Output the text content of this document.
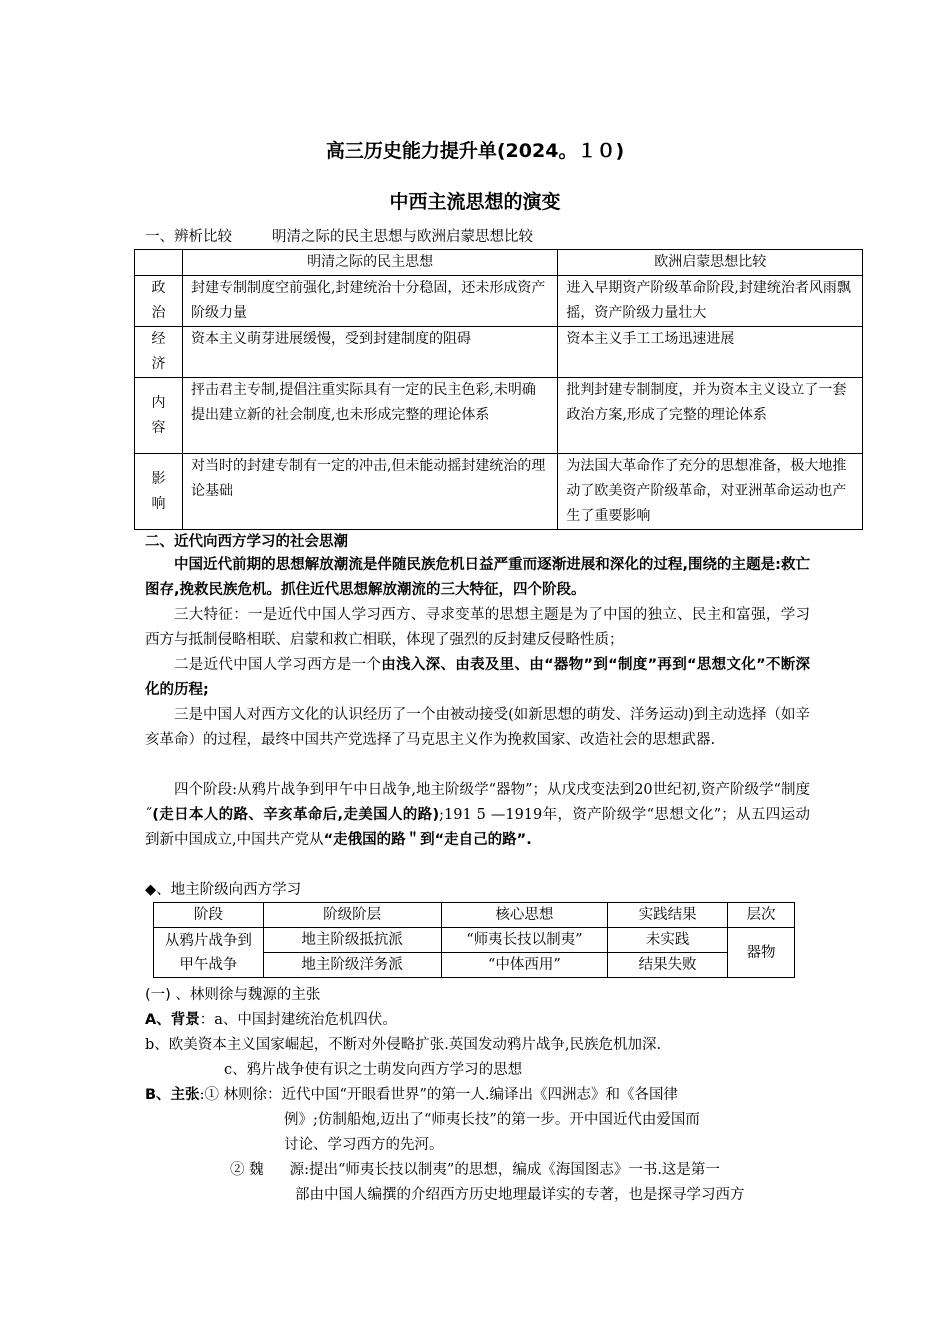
高三历史能力提升单(2024。１０)
中西主流思想的演变
一、辨析比较	明清之际的民主思想与欧洲启蒙思想比较
	明清之际的民主思想	欧洲启蒙思想比较
政
治	封建专制制度空前强化,封建统治十分稳固，还未形成资产阶级力量	进入早期资产阶级革命阶段,封建统治者风雨飘摇，资产阶级力量壮大
经
济	资本主义萌芽进展缓慢，受到封建制度的阻碍	资本主义手工工场迅速进展
内
容	抨击君主专制,提倡注重实际具有一定的民主色彩,未明确提出建立新的社会制度,也未形成完整的理论体系	批判封建专制制度，并为资本主义设立了一套政治方案,形成了完整的理论体系
影
响	对当时的封建专制有一定的冲击,但未能动摇封建统治的理论基础	为法国大革命作了充分的思想准备，极大地推动了欧美资产阶级革命，对亚洲革命运动也产生了重要影响
二、近代向西方学习的社会思潮
中国近代前期的思想解放潮流是伴随民族危机日益严重而逐渐进展和深化的过程,围绕的主题是:救亡图存,挽救民族危机。抓住近代思想解放潮流的三大特征，四个阶段。
三大特征：一是近代中国人学习西方、寻求变革的思想主题是为了中国的独立、民主和富强，学习西方与抵制侵略相联、启蒙和救亡相联，体现了强烈的反封建反侵略性质；
二是近代中国人学习西方是一个由浅入深、由表及里、由“器物”到“制度”再到“思想文化”不断深化的历程;
三是中国人对西方文化的认识经历了一个由被动接受(如新思想的萌发、洋务运动)到主动选择（如辛亥革命）的过程，最终中国共产党选择了马克思主义作为挽救国家、改造社会的思想武器.
四个阶段:从鸦片战争到甲午中日战争,地主阶级学“器物”；从戊戌变法到20世纪初,资产阶级学“制度˝(走日本人的路、辛亥革命后,走美国人的路);191 5 —1919年，资产阶级学“思想文化”；从五四运动到新中国成立,中国共产党从“走俄国的路＂到“走自己的路”.
◆、地主阶级向西方学习
阶段	阶级阶层	核心思想	实践结果	层次
从鸦片战争到
甲午战争	地主阶级抵抗派	“师夷长技以制夷”	未实践	器物
	地主阶级洋务派	“中体西用”	结果失败	
(一) 、林则徐与魏源的主张
A、背景：a、中国封建统治危机四伏。
b、欧美资本主义国家崛起，不断对外侵略扩张.英国发动鸦片战争,民族危机加深.
c、鸦片战争使有识之士萌发向西方学习的思想
B、主张:① 林则徐：近代中国“开眼看世界”的第一人.编译出《四洲志》和《各国律
例》;仿制船炮,迈出了“师夷长技”的第一步。开中国近代由爱国而
讨论、学习西方的先河。
② 魏 源:提出“师夷长技以制夷”的思想，编成《海国图志》一书.这是第一
部由中国人编撰的介绍西方历史地理最详实的专著，也是探寻学习西方
